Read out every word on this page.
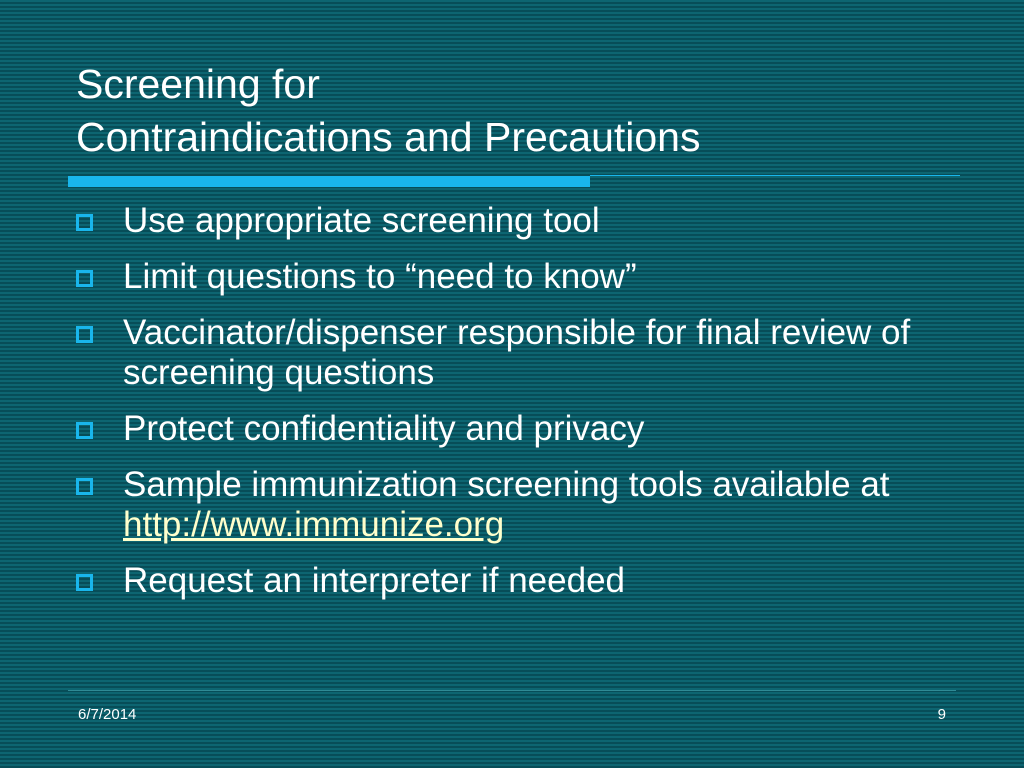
Screening for
Contraindications and Precautions
Use appropriate screening tool
Limit questions to “need to know”
Vaccinator/dispenser responsible for final review of screening questions
Protect confidentiality and privacy
Sample immunization screening tools available at http://www.immunize.org
Request an interpreter if needed
6/7/2014	9
